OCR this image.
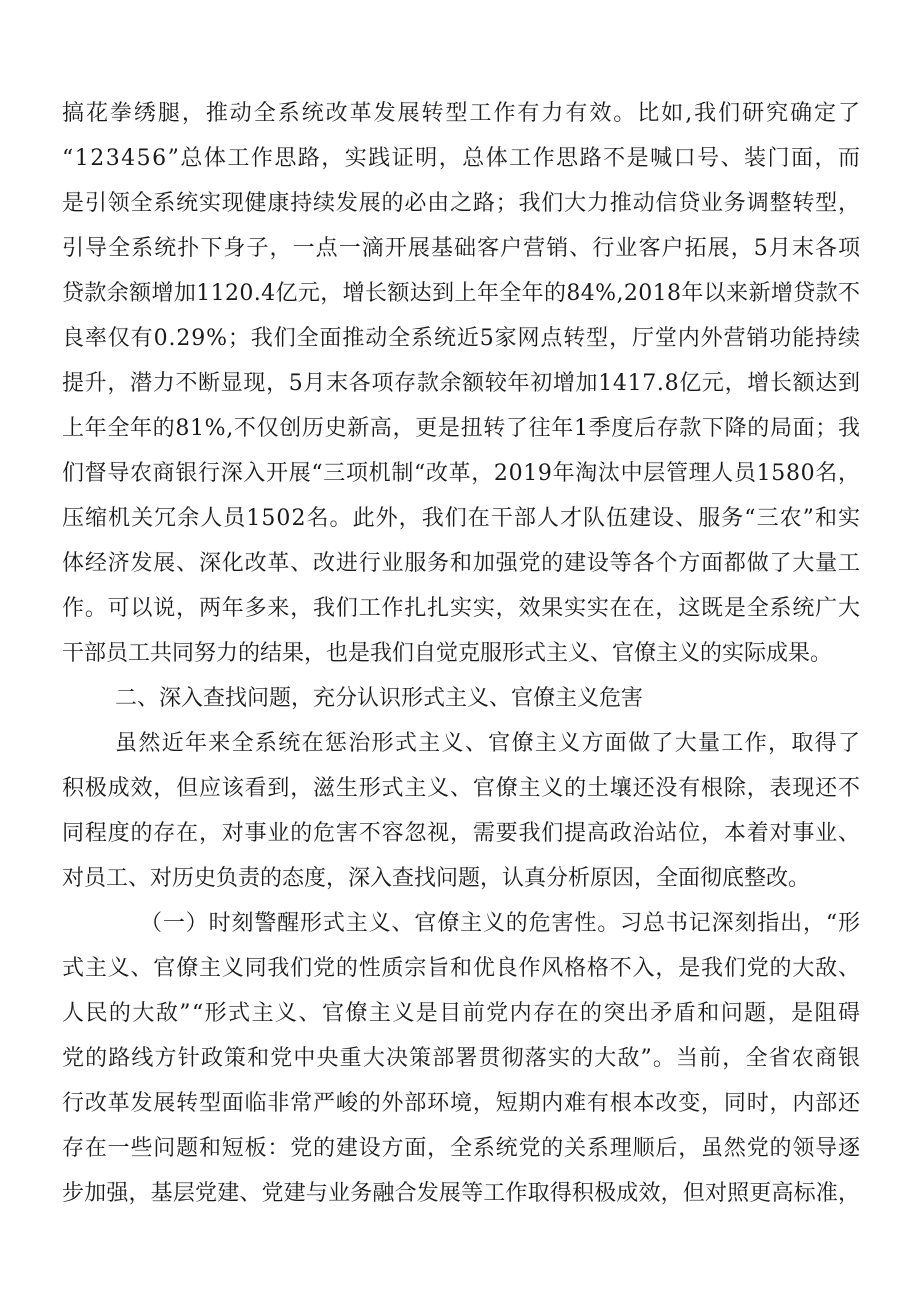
搞花拳绣腿，推动全系统改革发展转型工作有力有效。比如,我们研究确定了
“123456”总体工作思路，实践证明，总体工作思路不是喊口号、装门面，而
是引领全系统实现健康持续发展的必由之路；我们大力推动信贷业务调整转型，
引导全系统扑下身子，一点一滴开展基础客户营销、行业客户拓展，5月末各项
贷款余额增加1120.4亿元，增长额达到上年全年的84%,2018年以来新增贷款不
良率仅有0.29%；我们全面推动全系统近5家网点转型，厅堂内外营销功能持续
提升，潜力不断显现，5月末各项存款余额较年初增加1417.8亿元，增长额达到
上年全年的81%,不仅创历史新高，更是扭转了往年1季度后存款下降的局面；我
们督导农商银行深入开展“三项机制“改革，2019年淘汰中层管理人员1580名，
压缩机关冗余人员1502名。此外，我们在干部人才队伍建设、服务“三农”和实
体经济发展、深化改革、改进行业服务和加强党的建设等各个方面都做了大量工
作。可以说，两年多来，我们工作扎扎实实，效果实实在在，这既是全系统广大
干部员工共同努力的结果，也是我们自觉克服形式主义、官僚主义的实际成果。
二、深入查找问题，充分认识形式主义、官僚主义危害
虽然近年来全系统在惩治形式主义、官僚主义方面做了大量工作，取得了
积极成效，但应该看到，滋生形式主义、官僚主义的土壤还没有根除，表现还不
同程度的存在，对事业的危害不容忽视，需要我们提高政治站位，本着对事业、
对员工、对历史负责的态度，深入查找问题，认真分析原因，全面彻底整改。
（一）时刻警醒形式主义、官僚主义的危害性。习总书记深刻指出，“形
式主义、官僚主义同我们党的性质宗旨和优良作风格格不入，是我们党的大敌、
人民的大敌”“形式主义、官僚主义是目前党内存在的突出矛盾和问题，是阻碍
党的路线方针政策和党中央重大决策部署贯彻落实的大敌”。当前，全省农商银
行改革发展转型面临非常严峻的外部环境，短期内难有根本改变，同时，内部还
存在一些问题和短板：党的建设方面，全系统党的关系理顺后，虽然党的领导逐
步加强，基层党建、党建与业务融合发展等工作取得积极成效，但对照更高标准，
